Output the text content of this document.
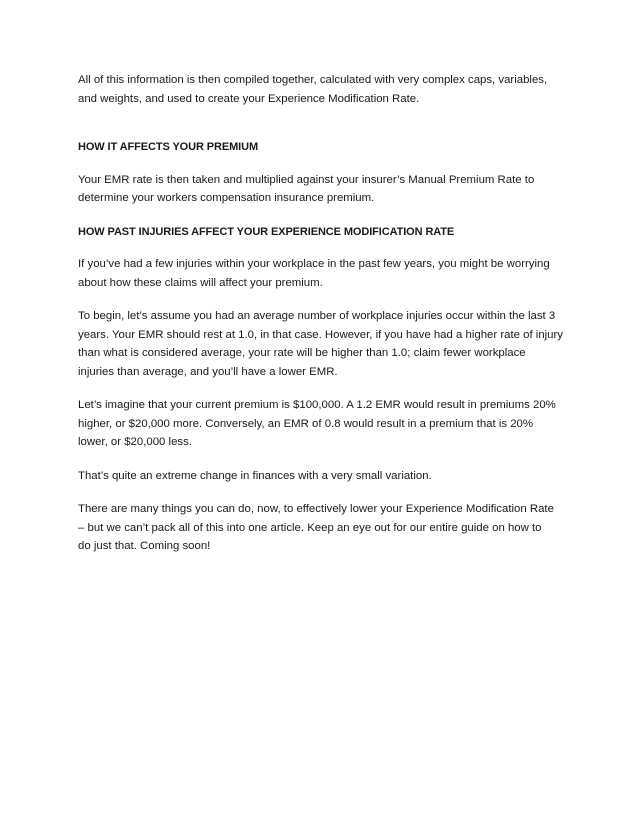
All of this information is then compiled together, calculated with very complex caps, variables,
and weights, and used to create your Experience Modification Rate.

HOW IT AFFECTS YOUR PREMIUM

Your EMR rate is then taken and multiplied against your insurer’s Manual Premium Rate to
determine your workers compensation insurance premium.

HOW PAST INJURIES AFFECT YOUR EXPERIENCE MODIFICATION RATE

If you’ve had a few injuries within your workplace in the past few years, you might be worrying
about how these claims will affect your premium.

To begin, let’s assume you had an average number of workplace injuries occur within the last 3
years. Your EMR should rest at 1.0, in that case. However, if you have had a higher rate of injury
than what is considered average, your rate will be higher than 1.0; claim fewer workplace
injuries than average, and you’ll have a lower EMR.

Let’s imagine that your current premium is $100,000. A 1.2 EMR would result in premiums 20%
higher, or $20,000 more. Conversely, an EMR of 0.8 would result in a premium that is 20%
lower, or $20,000 less.

That’s quite an extreme change in finances with a very small variation.

There are many things you can do, now, to effectively lower your Experience Modification Rate
– but we can’t pack all of this into one article. Keep an eye out for our entire guide on how to
do just that. Coming soon!
